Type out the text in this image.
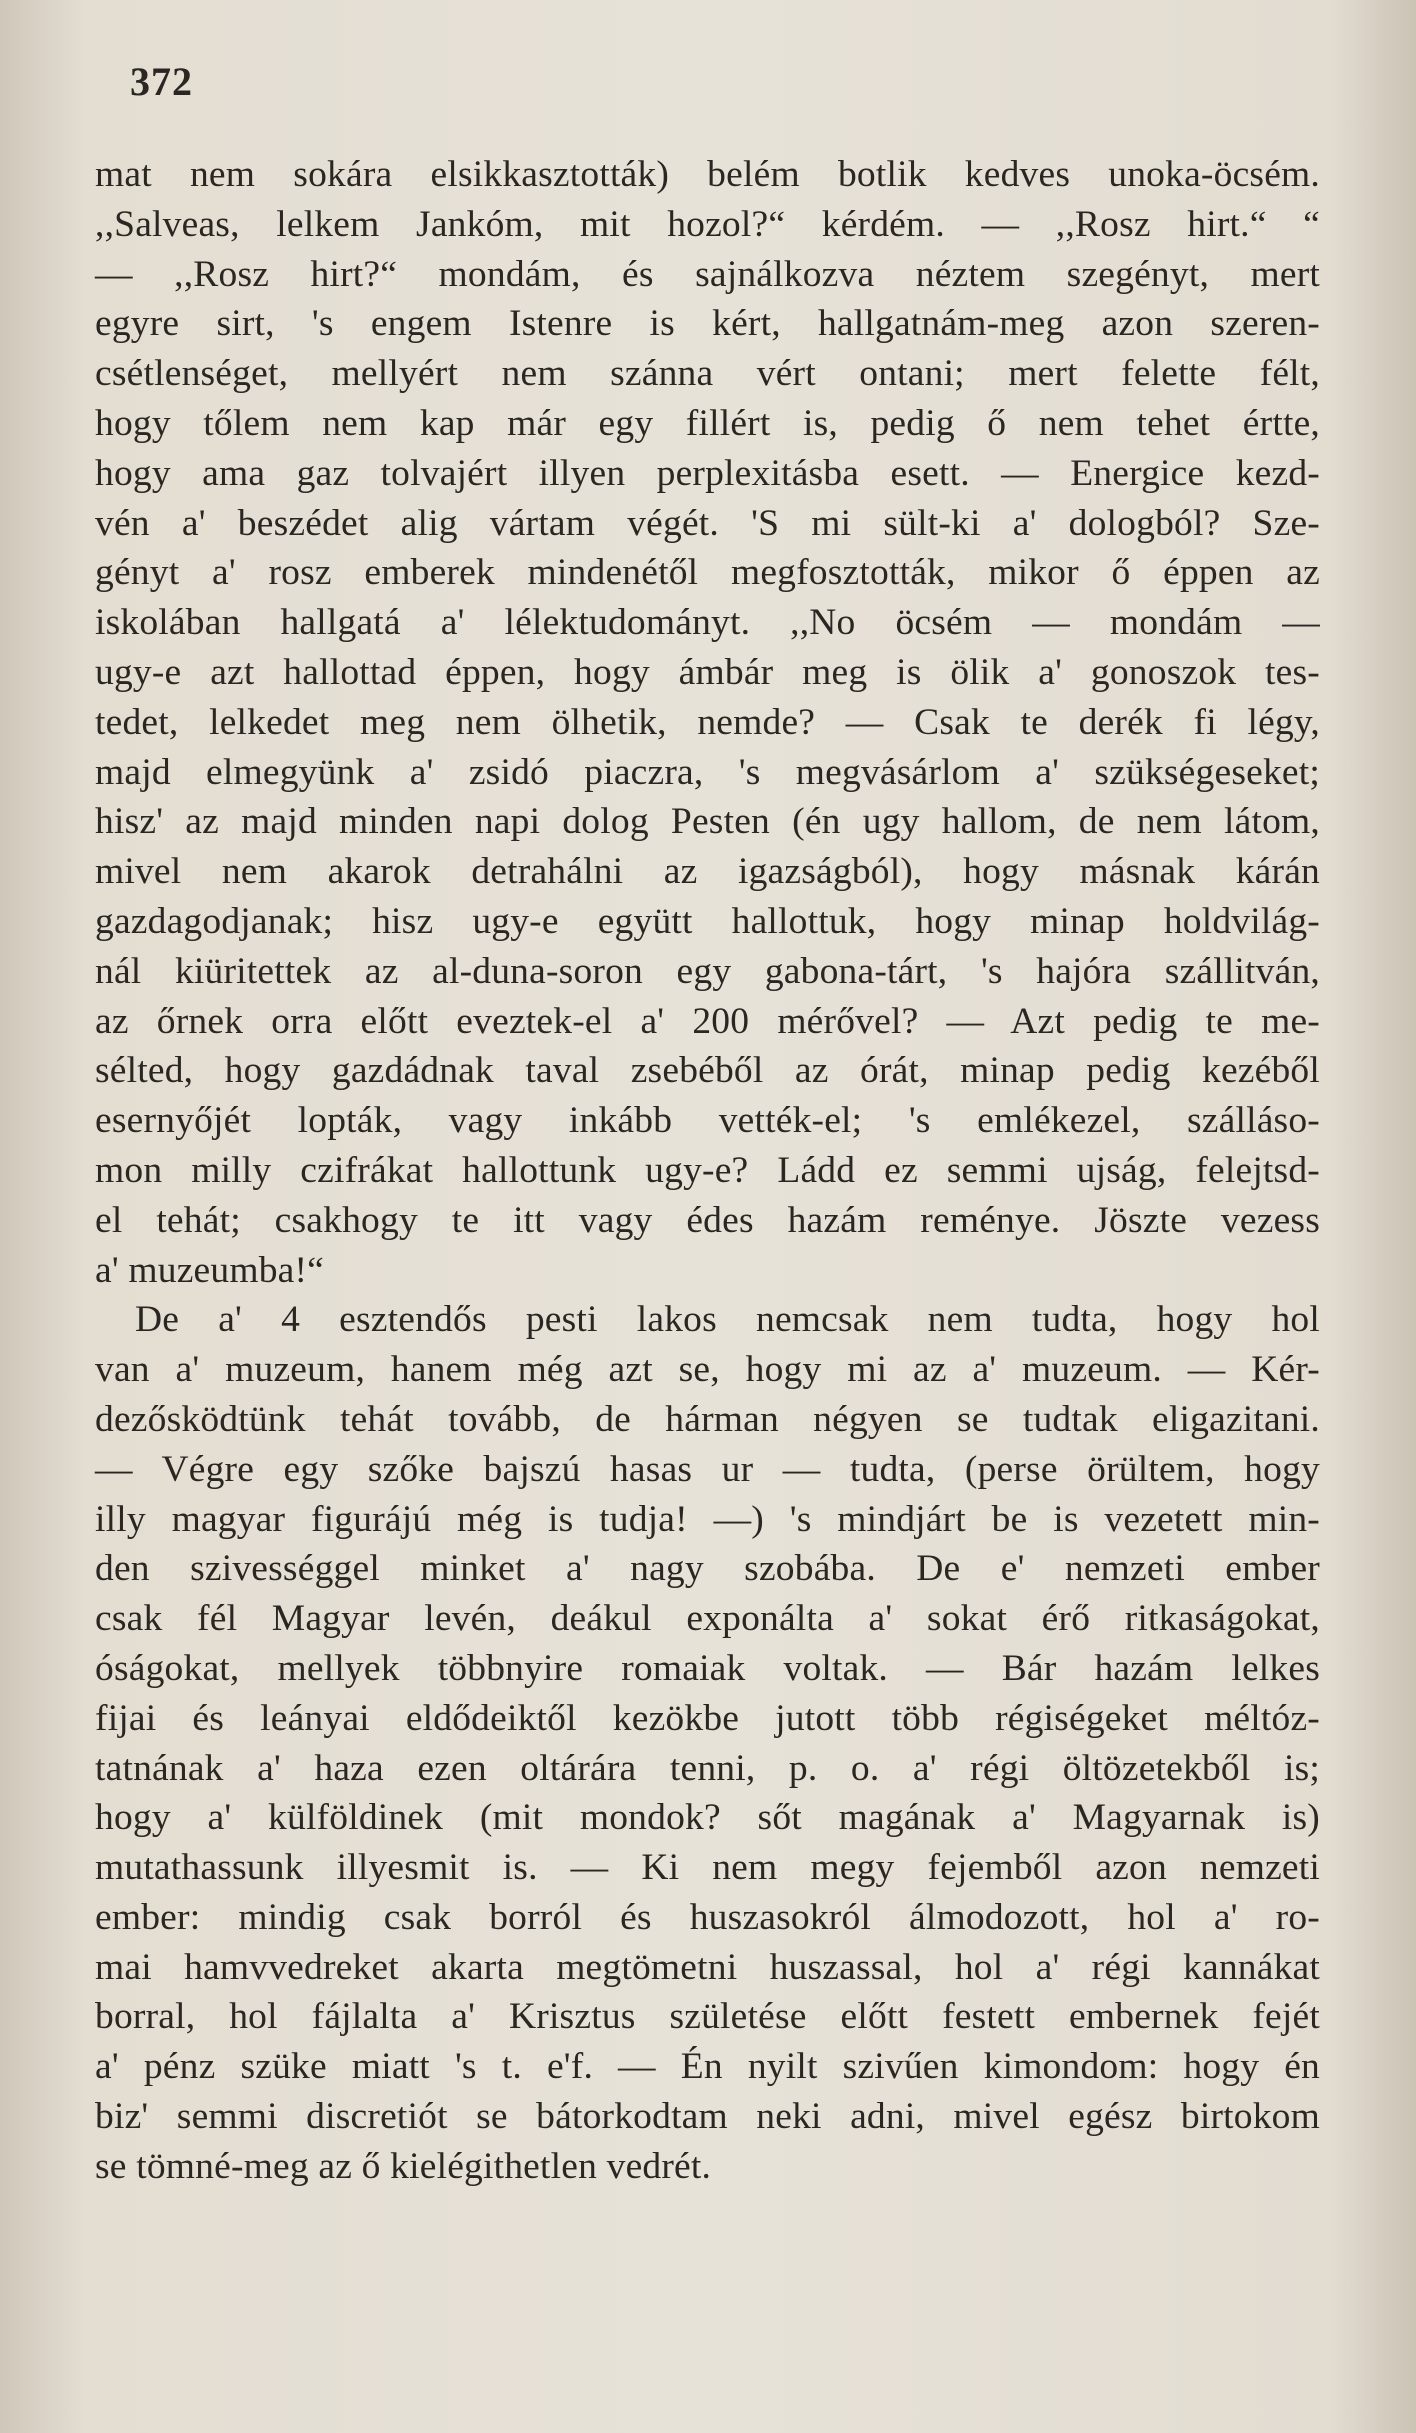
372
mat nem sokára elsikkasztották) belém botlik kedves unoka-öcsém.
,,Salveas, lelkem Jankóm, mit hozol?“ kérdém. — ,,Rosz hirt.“ “
— ,,Rosz hirt?“ mondám, és sajnálkozva néztem szegényt, mert
egyre sirt, 's engem Istenre is kért, hallgatnám-meg azon szeren-
csétlenséget, mellyért nem szánna vért ontani; mert felette félt,
hogy tőlem nem kap már egy fillért is, pedig ő nem tehet értte,
hogy ama gaz tolvajért illyen perplexitásba esett. — Energice kezd-
vén a' beszédet alig vártam végét. 'S mi sült-ki a' dologból? Sze-
gényt a' rosz emberek mindenétől megfosztották, mikor ő éppen az
iskolában hallgatá a' lélektudományt. ,,No öcsém — mondám —
ugy-e azt hallottad éppen, hogy ámbár meg is ölik a' gonoszok tes-
tedet, lelkedet meg nem ölhetik, nemde? — Csak te derék fi légy,
majd elmegyünk a' zsidó piaczra, 's megvásárlom a' szükségeseket;
hisz' az majd minden napi dolog Pesten (én ugy hallom, de nem látom,
mivel nem akarok detrahálni az igazságból), hogy másnak kárán
gazdagodjanak; hisz ugy-e együtt hallottuk, hogy minap holdvilág-
nál kiüritettek az al-duna-soron egy gabona-tárt, 's hajóra szállitván,
az őrnek orra előtt eveztek-el a' 200 mérővel? — Azt pedig te me-
sélted, hogy gazdádnak taval zsebéből az órát, minap pedig kezéből
esernyőjét lopták, vagy inkább vették-el; 's emlékezel, szálláso-
mon milly czifrákat hallottunk ugy-e? Ládd ez semmi ujság, felejtsd-
el tehát; csakhogy te itt vagy édes hazám reménye. Jöszte vezess
a' muzeumba!“
De a' 4 esztendős pesti lakos nemcsak nem tudta, hogy hol
van a' muzeum, hanem még azt se, hogy mi az a' muzeum. — Kér-
dezősködtünk tehát tovább, de hárman négyen se tudtak eligazitani.
— Végre egy szőke bajszú hasas ur — tudta, (perse örültem, hogy
illy magyar figurájú még is tudja! —) 's mindjárt be is vezetett min-
den szivességgel minket a' nagy szobába. De e' nemzeti ember
csak fél Magyar levén, deákul exponálta a' sokat érő ritkaságokat,
óságokat, mellyek többnyire romaiak voltak. — Bár hazám lelkes
fijai és leányai eldődeiktől kezökbe jutott több régiségeket méltóz-
tatnának a' haza ezen oltárára tenni, p. o. a' régi öltözetekből is;
hogy a' külföldinek (mit mondok? sőt magának a' Magyarnak is)
mutathassunk illyesmit is. — Ki nem megy fejemből azon nemzeti
ember: mindig csak borról és huszasokról álmodozott, hol a' ro-
mai hamvvedreket akarta megtömetni huszassal, hol a' régi kannákat
borral, hol fájlalta a' Krisztus születése előtt festett embernek fejét
a' pénz szüke miatt 's t. e'f. — Én nyilt szivűen kimondom: hogy én
biz' semmi discretiót se bátorkodtam neki adni, mivel egész birtokom
se tömné-meg az ő kielégithetlen vedrét.
